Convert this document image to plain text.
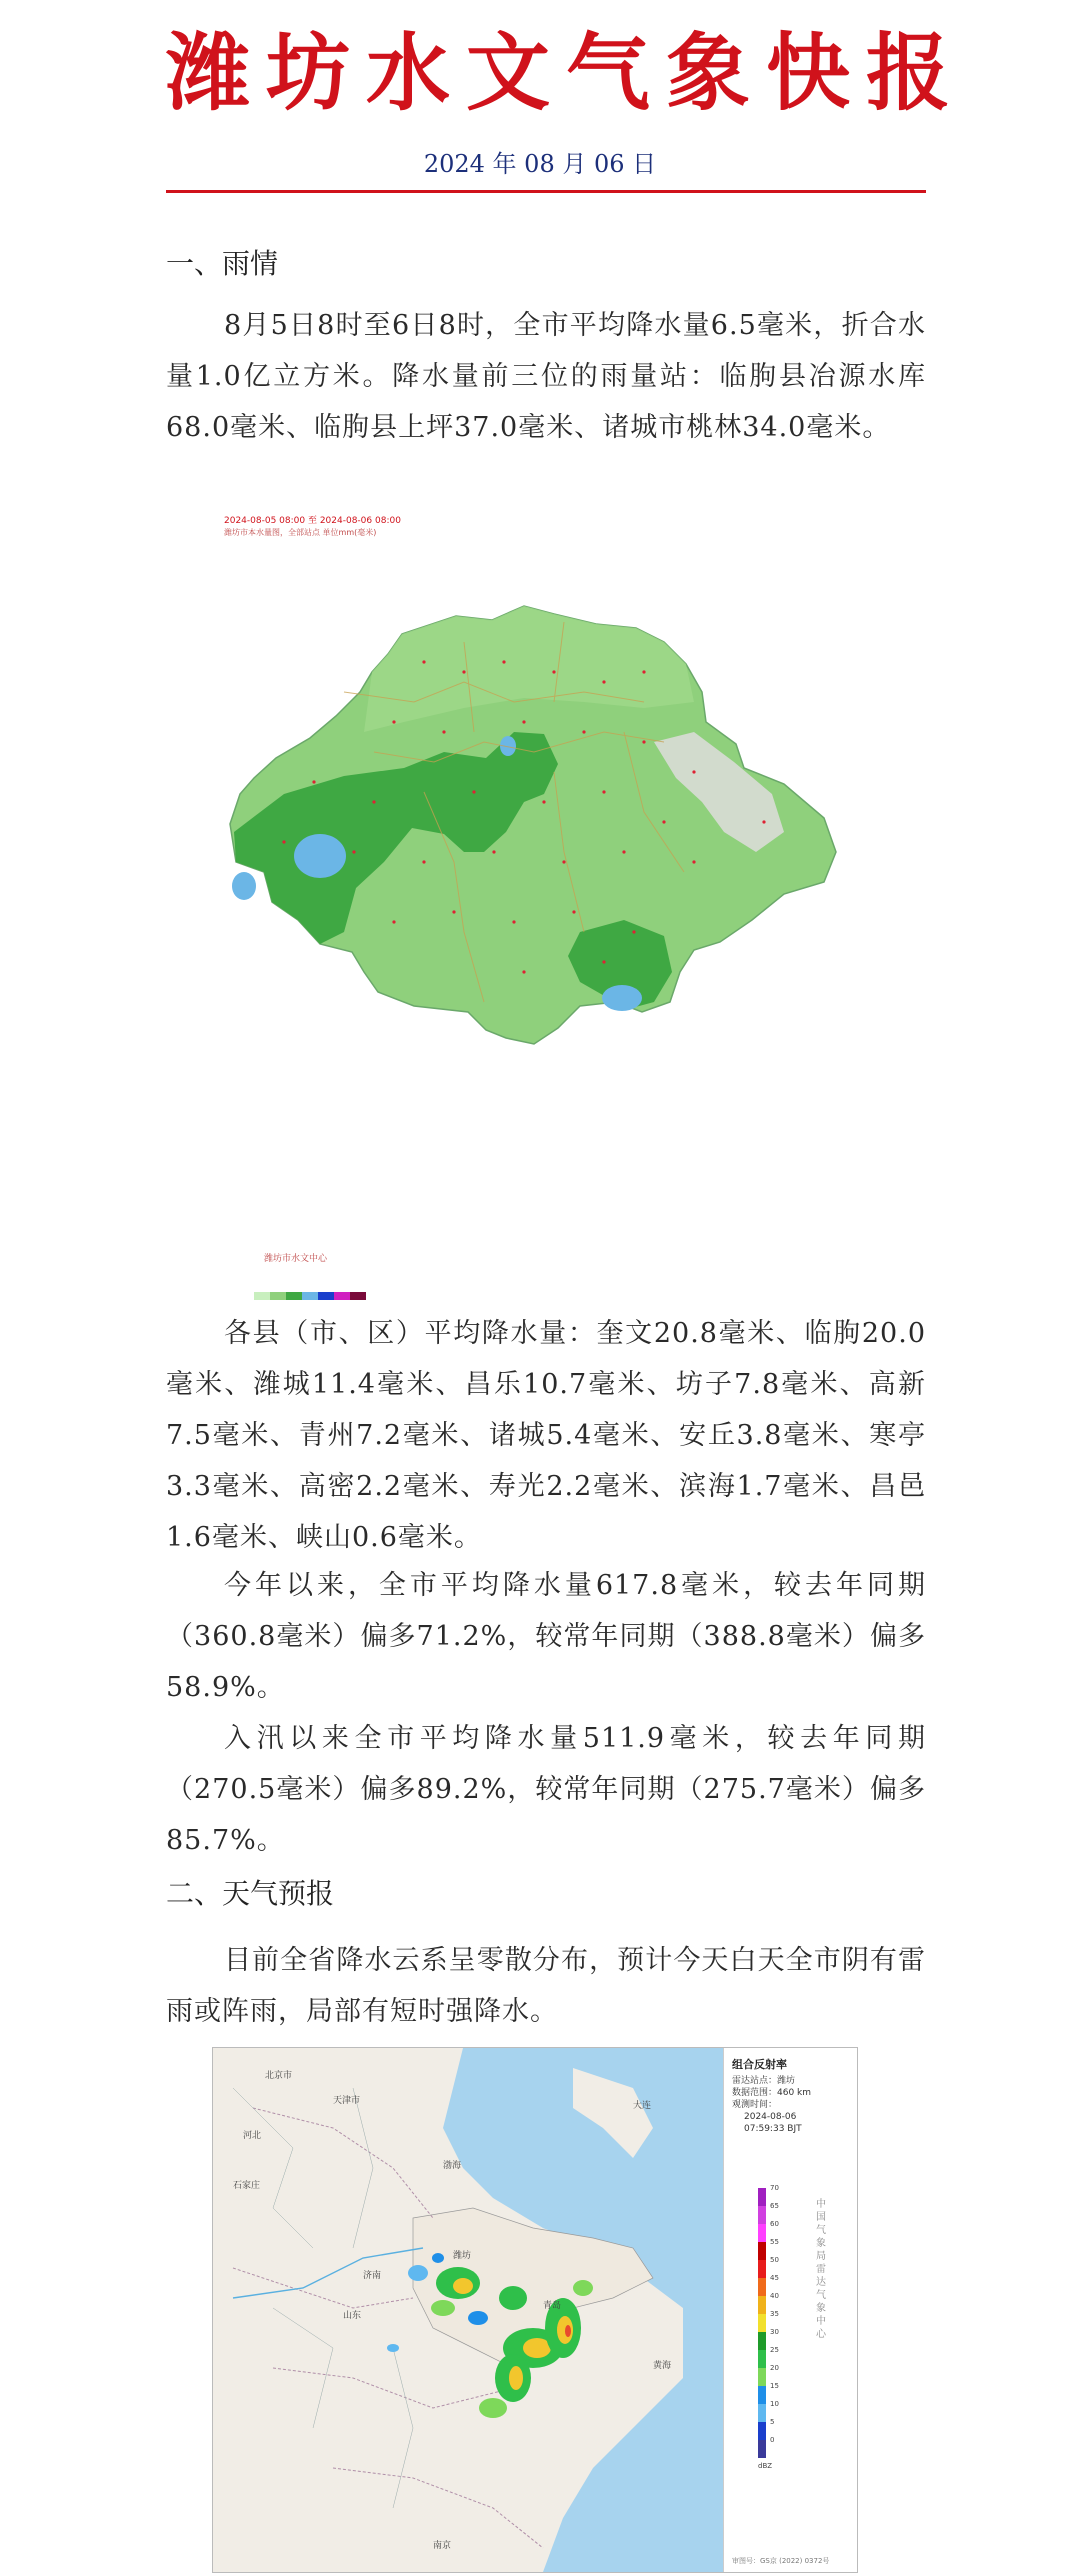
潍坊水文气象快报
2024 年 08 月 06 日
一、雨情
8月5日8时至6日8时，全市平均降水量6.5毫米，折合水量1.0亿立方米。降水量前三位的雨量站：临朐县冶源水库68.0毫米、临朐县上坪37.0毫米、诸城市桃林34.0毫米。
2024-08-05 08:00 至 2024-08-06 08:00
潍坊市本水量图，全部站点 单位mm(毫米)
潍坊市水文中心
各县（市、区）平均降水量：奎文20.8毫米、临朐20.0毫米、潍城11.4毫米、昌乐10.7毫米、坊子7.8毫米、高新7.5毫米、青州7.2毫米、诸城5.4毫米、安丘3.8毫米、寒亭3.3毫米、高密2.2毫米、寿光2.2毫米、滨海1.7毫米、昌邑1.6毫米、峡山0.6毫米。
今年以来，全市平均降水量617.8毫米，较去年同期（360.8毫米）偏多71.2%，较常年同期（388.8毫米）偏多58.9%。
入汛以来全市平均降水量511.9毫米，较去年同期（270.5毫米）偏多89.2%，较常年同期（275.7毫米）偏多85.7%。
二、天气预报
目前全省降水云系呈零散分布，预计今天白天全市阴有雷雨或阵雨，局部有短时强降水。
北京市
天津市
河北
石家庄
济南
山东
潍坊
青岛
大连
渤海
黄海
南京
组合反射率
雷达站点：潍坊
数据范围：460 km
观测时间：
2024-08-06
07:59:33 BJT
70
65
60
55
50
45
40
35
30
25
20
15
10
5
0
dBZ
中国气象局雷达气象中心
审图号：GS京 (2022) 0372号
